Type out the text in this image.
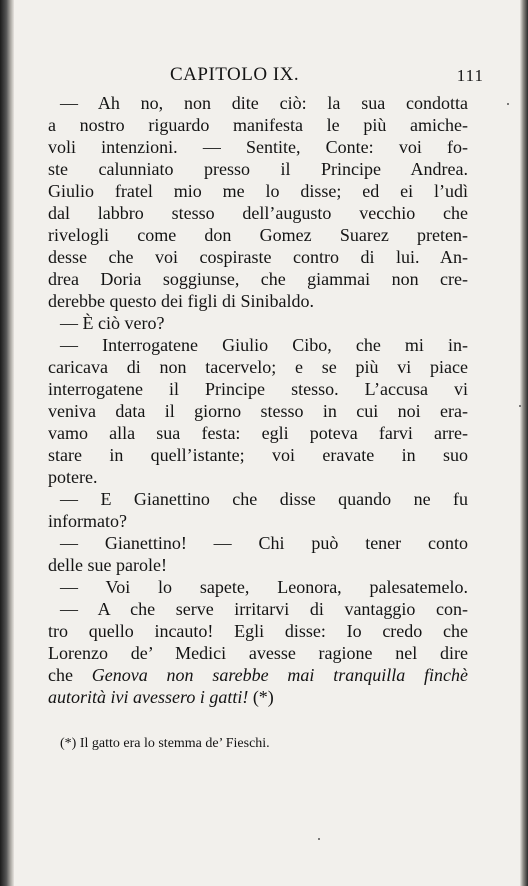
CAPITOLO IX.	111
— Ah no, non dite ciò: la sua condotta
a nostro riguardo manifesta le più amiche-
voli intenzioni. — Sentite, Conte: voi fo-
ste calunniato presso il Principe Andrea.
Giulio fratel mio me lo disse; ed ei l’udì
dal labbro stesso dell’augusto vecchio che
rivelogli come don Gomez Suarez preten-
desse che voi cospiraste contro di lui. An-
drea Doria soggiunse, che giammai non cre-
derebbe questo dei figli di Sinibaldo.
— È ciò vero?
— Interrogatene Giulio Cibo, che mi in-
caricava di non tacervelo; e se più vi piace
interrogatene il Principe stesso. L’accusa vi
veniva data il giorno stesso in cui noi era-
vamo alla sua festa: egli poteva farvi arre-
stare in quell’istante; voi eravate in suo
potere.
— E Gianettino che disse quando ne fu
informato?
— Gianettino! — Chi può tener conto
delle sue parole!
— Voi lo sapete, Leonora, palesatemelo.
— A che serve irritarvi di vantaggio con-
tro quello incauto! Egli disse: Io credo che
Lorenzo de’ Medici avesse ragione nel dire
che Genova non sarebbe mai tranquilla finchè
autorità ivi avessero i gatti! (*)
(*) Il gatto era lo stemma de’ Fieschi.
